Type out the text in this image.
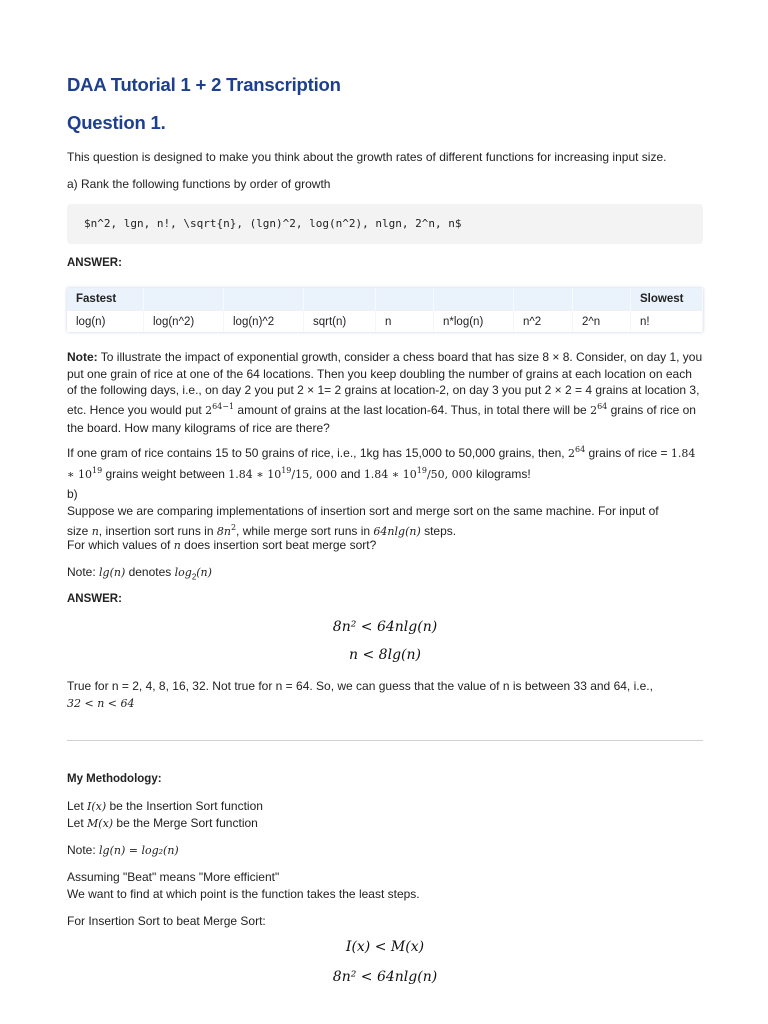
DAA Tutorial 1 + 2 Transcription
Question 1.

This question is designed to make you think about the growth rates of different functions for increasing input size.

a) Rank the following functions by order of growth

$n^2, lgn, n!, \sqrt{n}, (lgn)^2, log(n^2), nlgn, 2^n, n$

ANSWER:

Fastest								Slowest
log(n)	log(n^2)	log(n)^2	sqrt(n)	n	n*log(n)	n^2	2^n	n!

Note: To illustrate the impact of exponential growth, consider a chess board that has size 8 × 8. Consider, on day 1, you put one grain of rice at one of the 64 locations. Then you keep doubling the number of grains at each location on each of the following days, i.e., on day 2 you put 2 × 1= 2 grains at location-2, on day 3 you put 2 × 2 = 4 grains at location 3, etc. Hence you would put $2^{64-1}$ amount of grains at the last location-64. Thus, in total there will be $2^{64}$ grains of rice on the board. How many kilograms of rice are there?

If one gram of rice contains 15 to 50 grains of rice, i.e., 1kg has 15,000 to 50,000 grains, then, $2^{64}$ grains of rice = 1.84 ∗ $10^{19}$ grains weight between 1.84 ∗ $10^{19}/15$, 000 and 1.84 ∗ $10^{19}/50$, 000 kilograms!

b)

Suppose we are comparing implementations of insertion sort and merge sort on the same machine. For input of

size n, insertion sort runs in $8n^2$, while merge sort runs in 64nlg(n) steps.

For which values of n does insertion sort beat merge sort?

Note: lg(n) denotes $\log_2(n)$

ANSWER:

8n² < 64nlg(n)
n < 8lg(n)

True for n = 2, 4, 8, 16, 32. Not true for n = 64. So, we can guess that the value of n is between 33 and 64, i.e.,

32 < n < 64

My Methodology:

Let I(x) be the Insertion Sort function

Let M(x) be the Merge Sort function

Note: lg(n) = log₂(n)

Assuming "Beat" means "More efficient"

We want to find at which point is the function takes the least steps.

For Insertion Sort to beat Merge Sort:

I(x) < M(x)
8n² < 64nlg(n)
